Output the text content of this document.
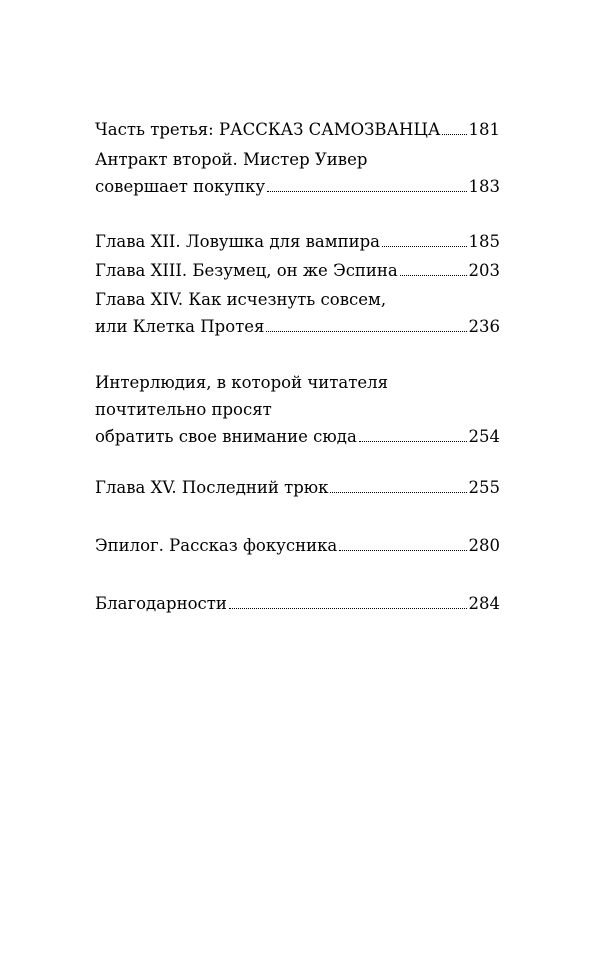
Часть третья: РАССКАЗ САМОЗВАНЦА 181
Антракт второй. Мистер Уивер
совершает покупку	183
Глава XII. Ловушка для вампира	185
Глава XIII. Безумец, он же Эспина	203
Глава XIV. Как исчезнуть совсем,
или Клетка Протея	236
Интерлюдия, в которой читателя
почтительно просят
обратить свое внимание сюда	254
Глава XV. Последний трюк	255
Эпилог. Рассказ фокусника	280
Благодарности	284
